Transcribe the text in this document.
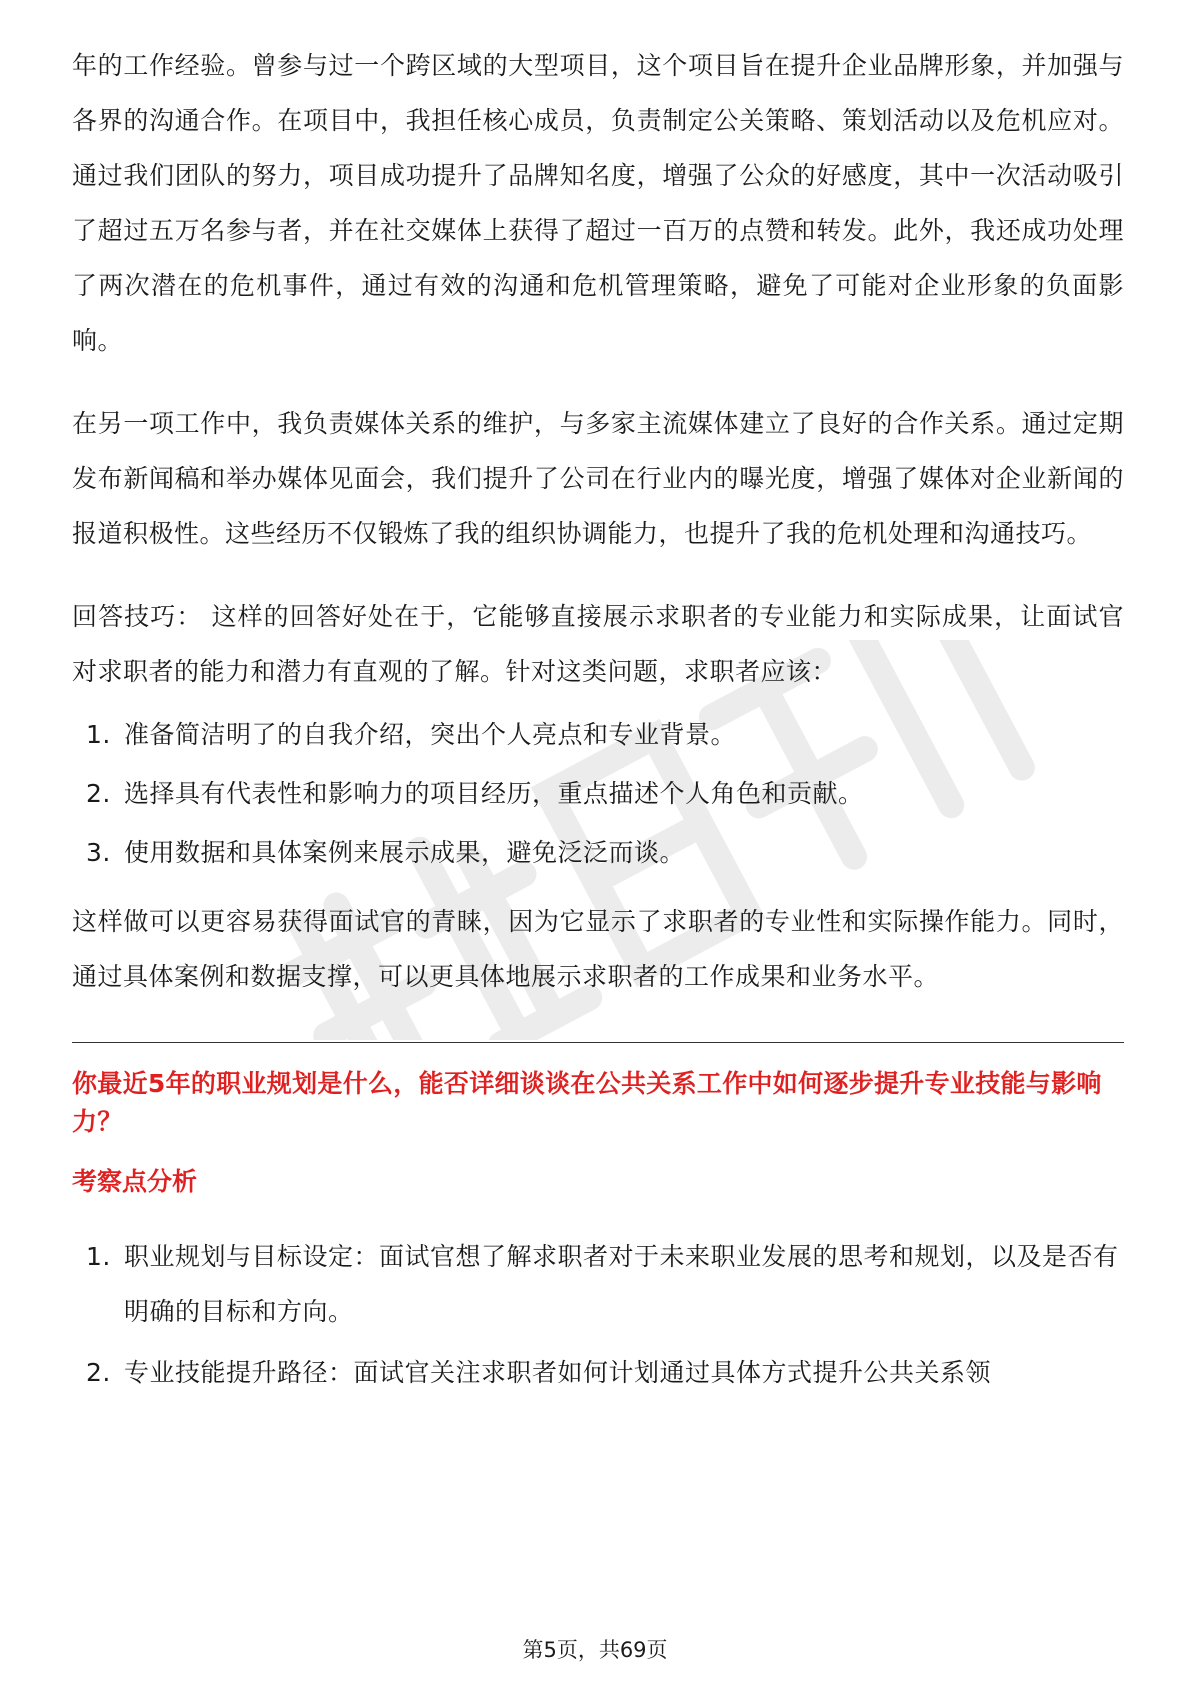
年的工作经验。曾参与过一个跨区域的大型项目，这个项目旨在提升企业品牌形象，并加强与各界的沟通合作。在项目中，我担任核心成员，负责制定公关策略、策划活动以及危机应对。通过我们团队的努力，项目成功提升了品牌知名度，增强了公众的好感度，其中一次活动吸引了超过五万名参与者，并在社交媒体上获得了超过一百万的点赞和转发。此外，我还成功处理了两次潜在的危机事件，通过有效的沟通和危机管理策略，避免了可能对企业形象的负面影响。

在另一项工作中，我负责媒体关系的维护，与多家主流媒体建立了良好的合作关系。通过定期发布新闻稿和举办媒体见面会，我们提升了公司在行业内的曝光度，增强了媒体对企业新闻的报道积极性。这些经历不仅锻炼了我的组织协调能力，也提升了我的危机处理和沟通技巧。

回答技巧： 这样的回答好处在于，它能够直接展示求职者的专业能力和实际成果，让面试官对求职者的能力和潜力有直观的了解。针对这类问题，求职者应该：

1. 准备简洁明了的自我介绍，突出个人亮点和专业背景。
2. 选择具有代表性和影响力的项目经历，重点描述个人角色和贡献。
3. 使用数据和具体案例来展示成果，避免泛泛而谈。

这样做可以更容易获得面试官的青睐，因为它显示了求职者的专业性和实际操作能力。同时，通过具体案例和数据支撑，可以更具体地展示求职者的工作成果和业务水平。

你最近5年的职业规划是什么，能否详细谈谈在公共关系工作中如何逐步提升专业技能与影响力？

考察点分析

1. 职业规划与目标设定：面试官想了解求职者对于未来职业发展的思考和规划，以及是否有明确的目标和方向。
2. 专业技能提升路径：面试官关注求职者如何计划通过具体方式提升公共关系领
第5页，共69页
